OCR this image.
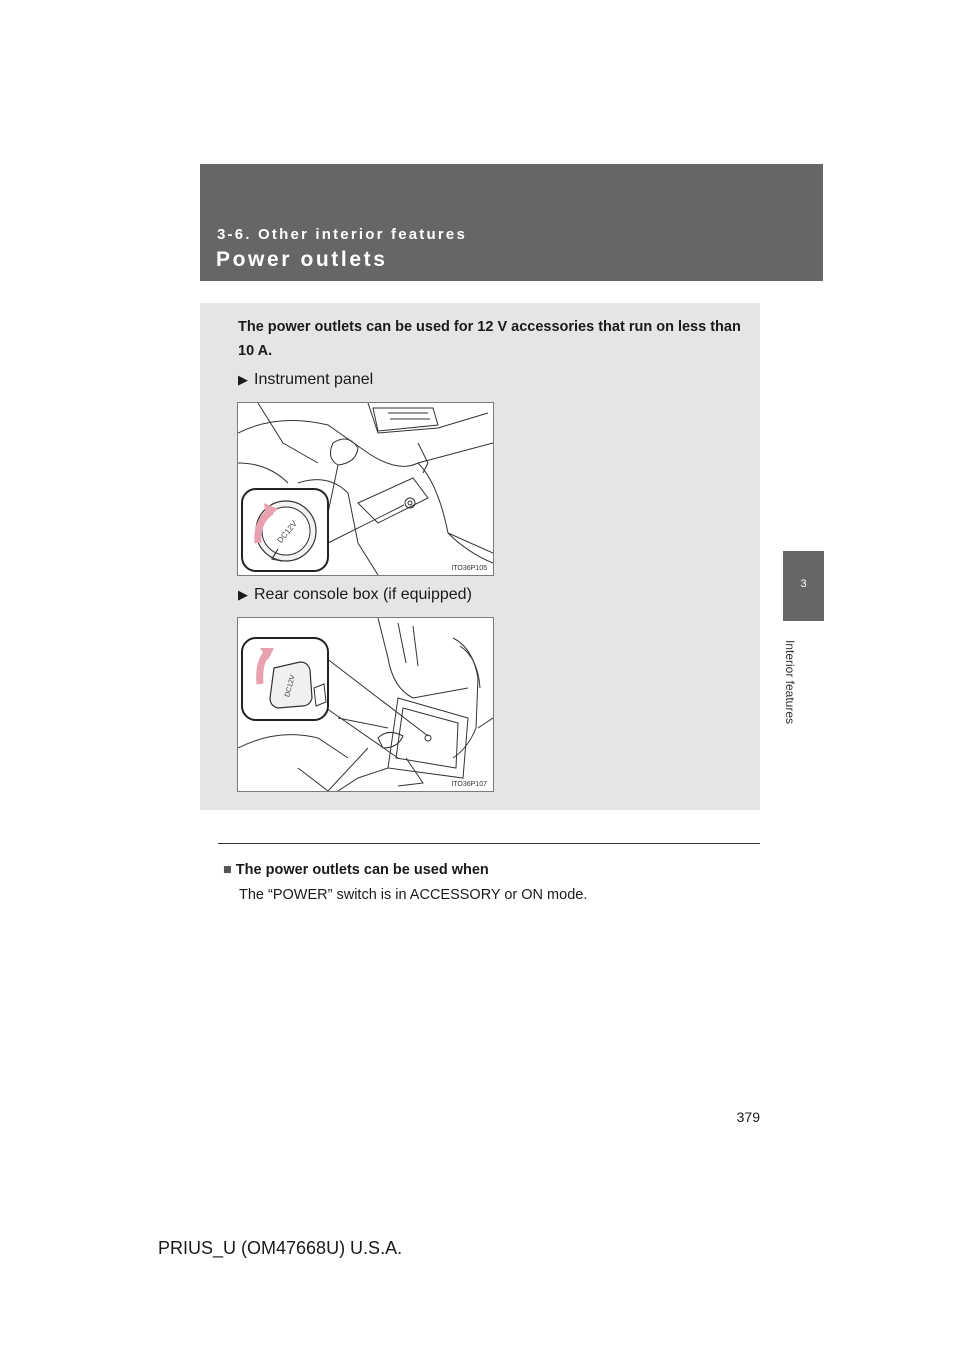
3-6. Other interior features
Power outlets
3
Interior features
The power outlets can be used for 12 V accessories that run on less than 10 A.
▶ Instrument panel
DC12V
ITO36P105
▶ Rear console box (if equipped)
DC12V
ITO36P107
■ The power outlets can be used when
The “POWER” switch is in ACCESSORY or ON mode.
379
PRIUS_U (OM47668U) U.S.A.
